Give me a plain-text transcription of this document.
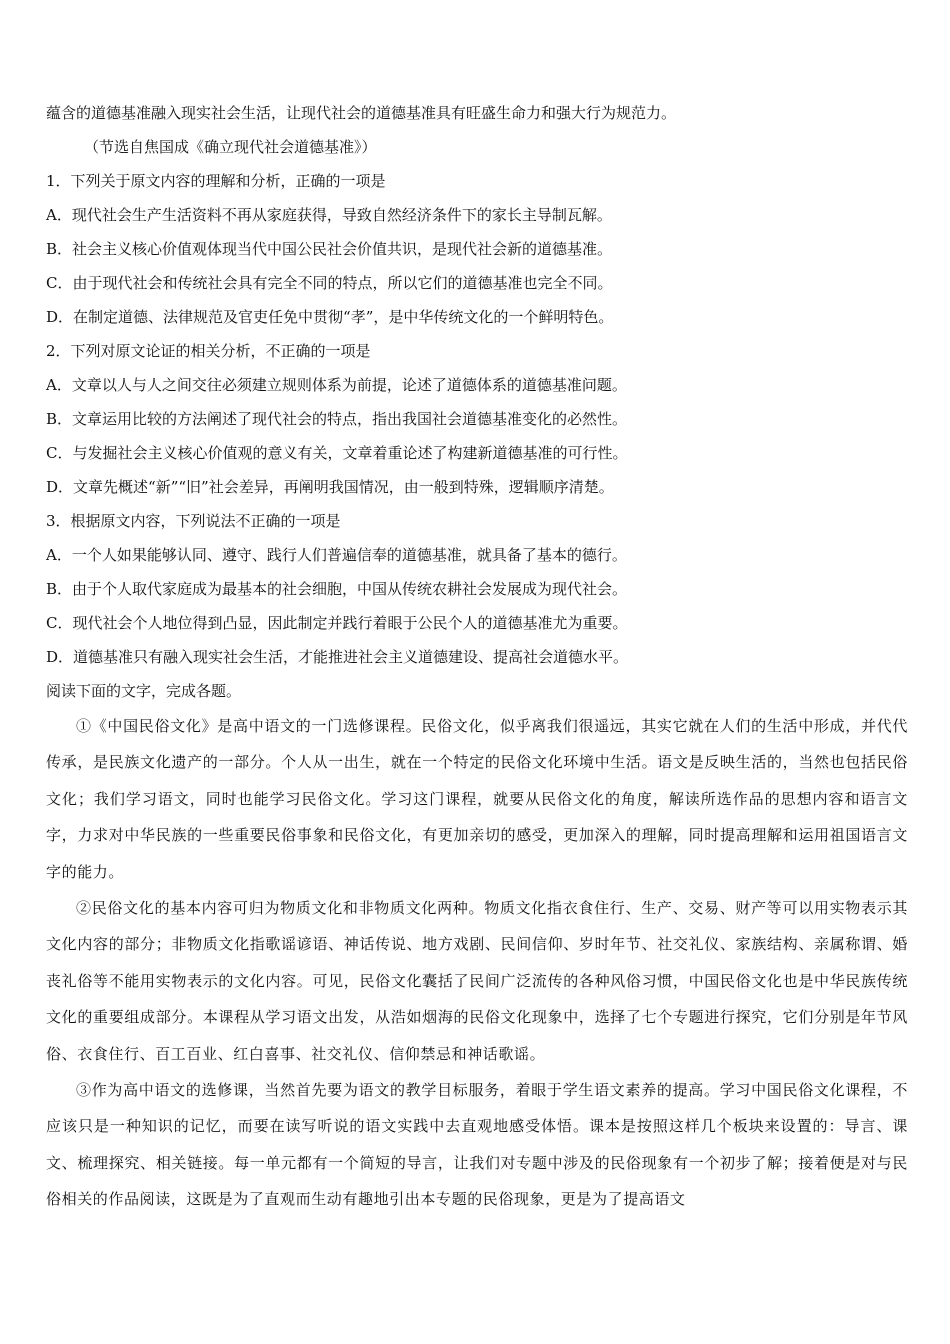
蕴含的道德基准融入现实社会生活，让现代社会的道德基准具有旺盛生命力和强大行为规范力。
（节选自焦国成《确立现代社会道德基准》）
1．下列关于原文内容的理解和分析，正确的一项是
A．现代社会生产生活资料不再从家庭获得，导致自然经济条件下的家长主导制瓦解。
B．社会主义核心价值观体现当代中国公民社会价值共识，是现代社会新的道德基准。
C．由于现代社会和传统社会具有完全不同的特点，所以它们的道德基准也完全不同。
D．在制定道德、法律规范及官吏任免中贯彻“孝”，是中华传统文化的一个鲜明特色。
2．下列对原文论证的相关分析，不正确的一项是
A．文章以人与人之间交往必须建立规则体系为前提，论述了道德体系的道德基准问题。
B．文章运用比较的方法阐述了现代社会的特点，指出我国社会道德基准变化的必然性。
C．与发掘社会主义核心价值观的意义有关，文章着重论述了构建新道德基准的可行性。
D．文章先概述“新”“旧”社会差异，再阐明我国情况，由一般到特殊，逻辑顺序清楚。
3．根据原文内容，下列说法不正确的一项是
A．一个人如果能够认同、遵守、践行人们普遍信奉的道德基准，就具备了基本的德行。
B．由于个人取代家庭成为最基本的社会细胞，中国从传统农耕社会发展成为现代社会。
C．现代社会个人地位得到凸显，因此制定并践行着眼于公民个人的道德基准尤为重要。
D．道德基准只有融入现实社会生活，才能推进社会主义道德建设、提高社会道德水平。
阅读下面的文字，完成各题。

①《中国民俗文化》是高中语文的一门选修课程。民俗文化，似乎离我们很遥远，其实它就在人们的生活中形成，并代代传承，是民族文化遗产的一部分。个人从一出生，就在一个特定的民俗文化环境中生活。语文是反映生活的，当然也包括民俗文化；我们学习语文，同时也能学习民俗文化。学习这门课程，就要从民俗文化的角度，解读所选作品的思想内容和语言文字，力求对中华民族的一些重要民俗事象和民俗文化，有更加亲切的感受，更加深入的理解，同时提高理解和运用祖国语言文字的能力。

②民俗文化的基本内容可归为物质文化和非物质文化两种。物质文化指衣食住行、生产、交易、财产等可以用实物表示其文化内容的部分；非物质文化指歌谣谚语、神话传说、地方戏剧、民间信仰、岁时年节、社交礼仪、家族结构、亲属称谓、婚丧礼俗等不能用实物表示的文化内容。可见，民俗文化囊括了民间广泛流传的各种风俗习惯，中国民俗文化也是中华民族传统文化的重要组成部分。本课程从学习语文出发，从浩如烟海的民俗文化现象中，选择了七个专题进行探究，它们分别是年节风俗、衣食住行、百工百业、红白喜事、社交礼仪、信仰禁忌和神话歌谣。

③作为高中语文的选修课，当然首先要为语文的教学目标服务，着眼于学生语文素养的提高。学习中国民俗文化课程，不应该只是一种知识的记忆，而要在读写听说的语文实践中去直观地感受体悟。课本是按照这样几个板块来设置的：导言、课文、梳理探究、相关链接。每一单元都有一个简短的导言，让我们对专题中涉及的民俗现象有一个初步了解；接着便是对与民俗相关的作品阅读，这既是为了直观而生动有趣地引出本专题的民俗现象，更是为了提高语文
